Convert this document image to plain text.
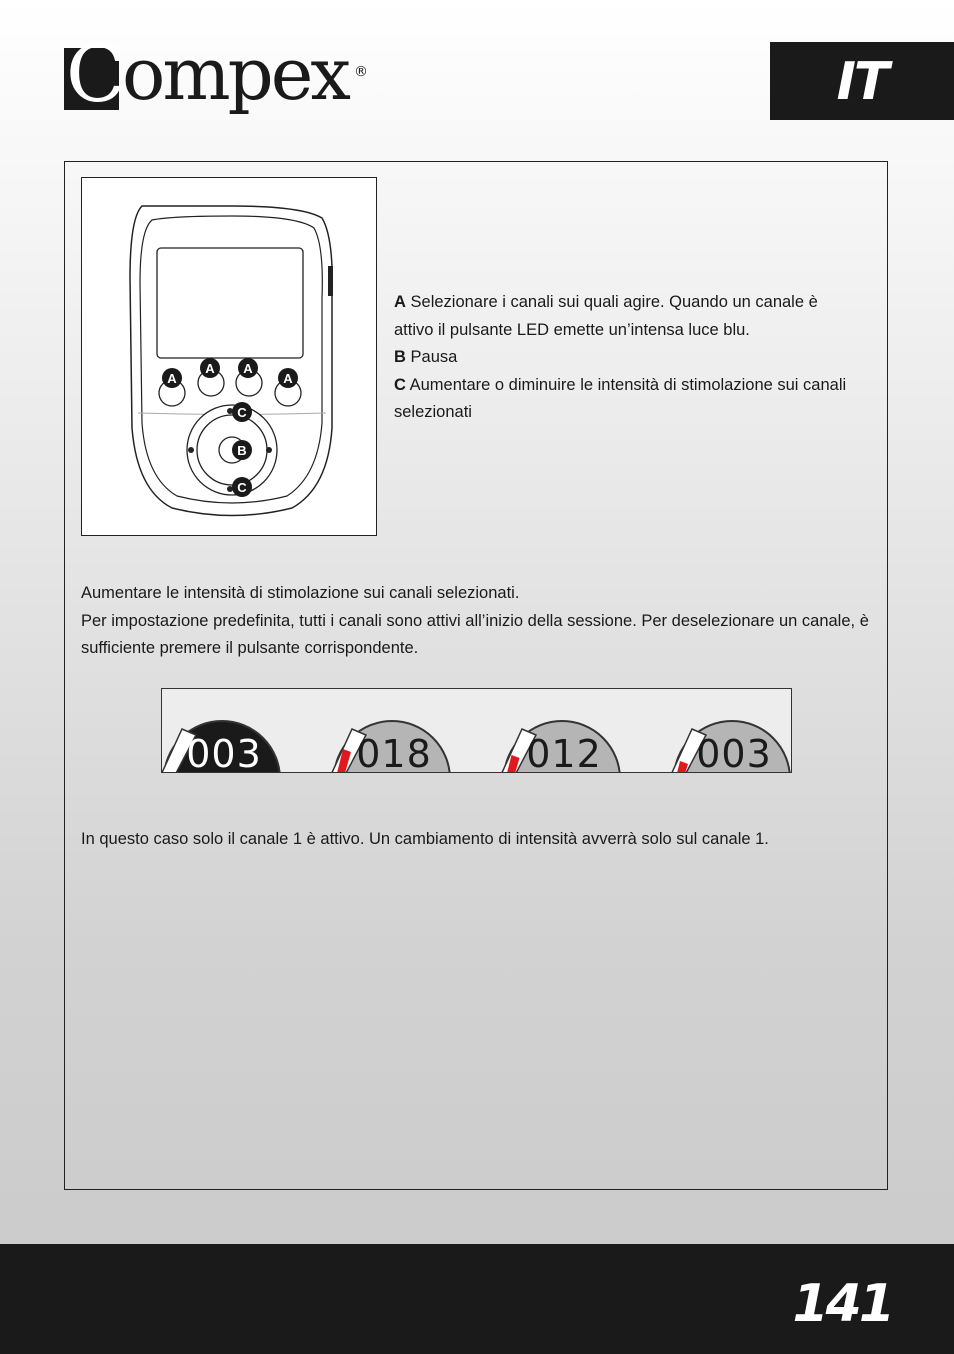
C
ompex ®	IT
A
A A
A
C
B
C

A Selezionare i canali sui quali agire. Quando un canale è attivo il pulsante LED emette un’intensa luce blu.

B Pausa

C Aumentare o diminuire le intensità di stimolazione sui canali selezionati

Aumentare le intensità di stimolazione sui canali selezionati.

Per impostazione predefinita, tutti i canali sono attivi all’inizio della sessione. Per deselezionare un canale, è sufficiente premere il pulsante corrispondente.

003 018 012 003

In questo caso solo il canale 1 è attivo. Un cambiamento di intensità avverrà solo sul canale 1.

141
